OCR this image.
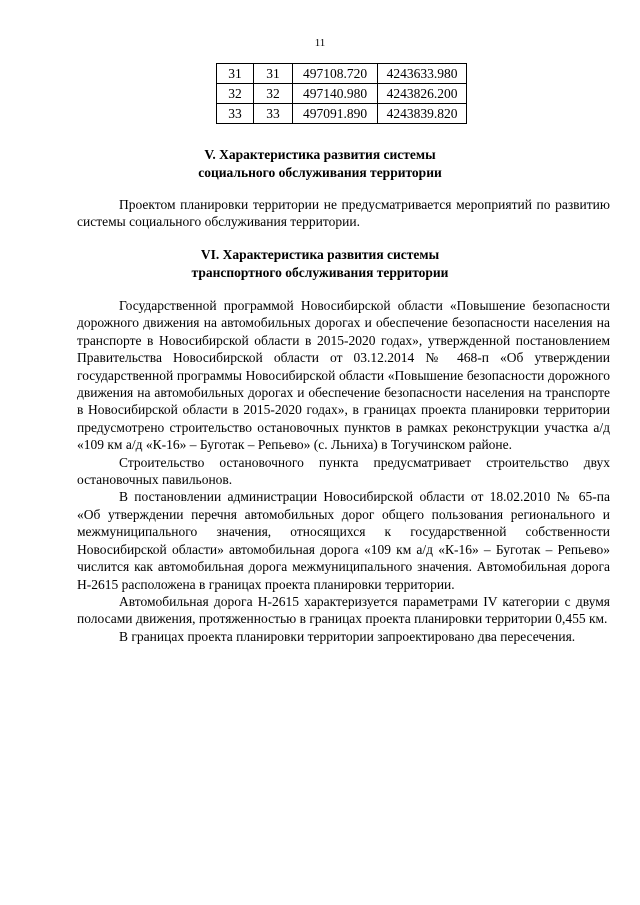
11
31	31	497108.720	4243633.980
32	32	497140.980	4243826.200
33	33	497091.890	4243839.820
V. Характеристика развития системы
социального обслуживания территории

Проектом планировки территории не предусматривается мероприятий по развитию системы социального обслуживания территории.

VI. Характеристика развития системы
транспортного обслуживания территории

Государственной программой Новосибирской области «Повышение безопасности дорожного движения на автомобильных дорогах и обеспечение безопасности населения на транспорте в Новосибирской области в 2015-2020 годах», утвержденной постановлением Правительства Новосибирской области от 03.12.2014 № 468-п «Об утверждении государственной программы Новосибирской области «Повышение безопасности дорожного движения на автомобильных дорогах и обеспечение безопасности населения на транспорте в Новосибирской области в 2015-2020 годах», в границах проекта планировки территории предусмотрено строительство остановочных пунктов в рамках реконструкции участка а/д «109 км а/д «К-16» – Буготак – Репьево» (с. Льниха) в Тогучинском районе.

Строительство остановочного пункта предусматривает строительство двух остановочных павильонов.

В постановлении администрации Новосибирской области от 18.02.2010 № 65-па «Об утверждении перечня автомобильных дорог общего пользования регионального и межмуниципального значения, относящихся к государственной собственности Новосибирской области» автомобильная дорога «109 км а/д «К-16» – Буготак – Репьево» числится как автомобильная дорога межмуниципального значения. Автомобильная дорога Н-2615 расположена в границах проекта планировки территории.

Автомобильная дорога Н-2615 характеризуется параметрами IV категории с двумя полосами движения, протяженностью в границах проекта планировки территории 0,455 км.

В границах проекта планировки территории запроектировано два пересечения.
